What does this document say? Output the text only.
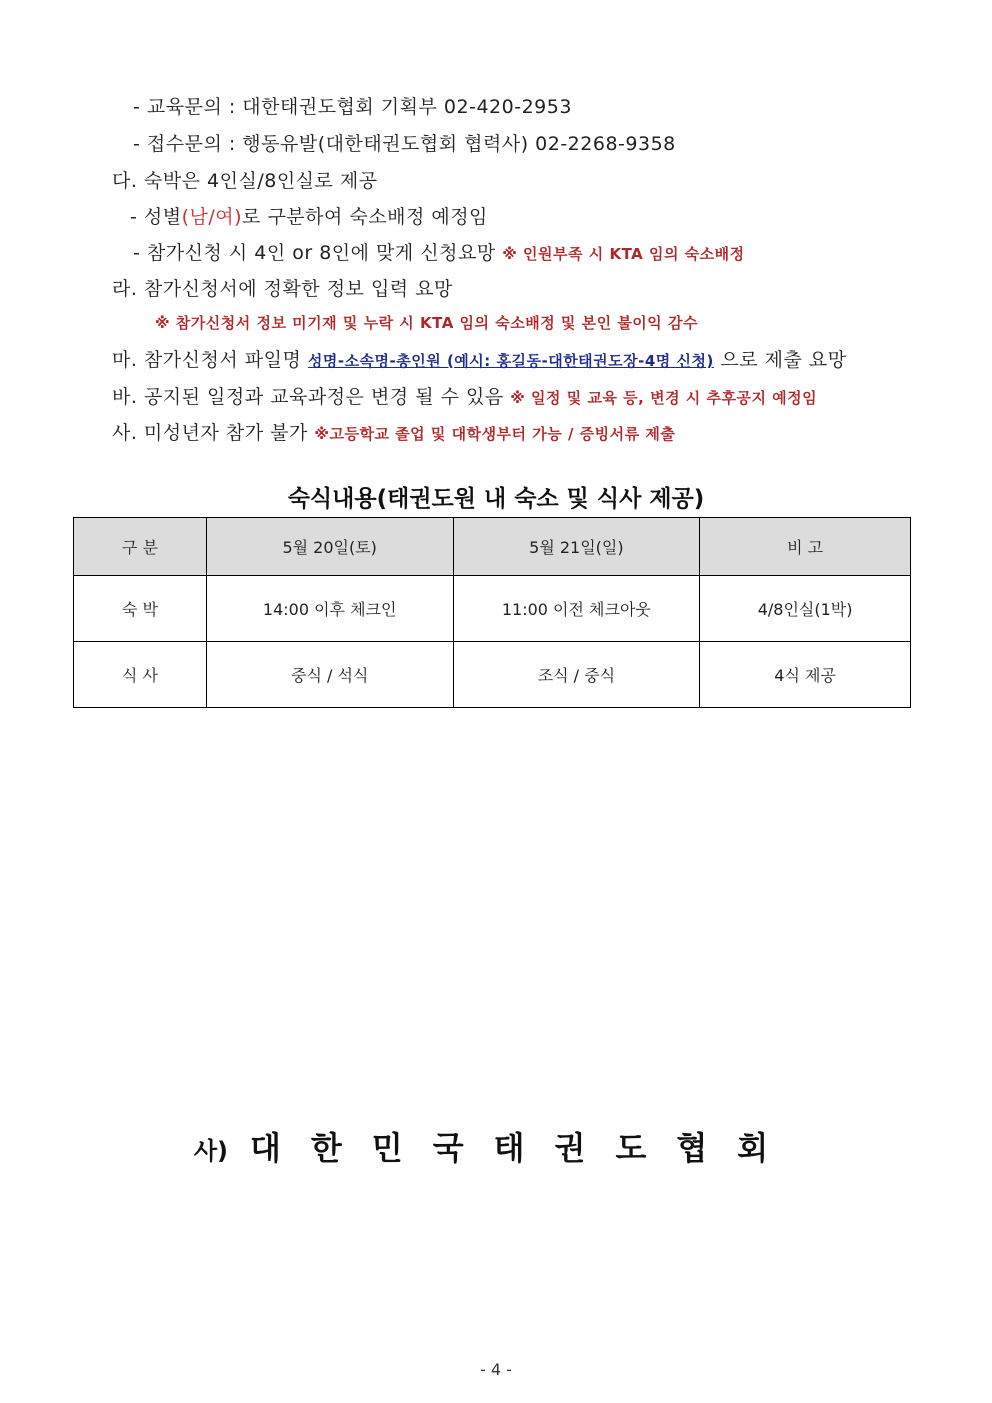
- 교육문의 : 대한태권도협회 기획부 02-420-2953
- 접수문의 : 행동유발(대한태권도협회 협력사) 02-2268-9358
다. 숙박은 4인실/8인실로 제공
- 성별(남/여)로 구분하여 숙소배정 예정임
- 참가신청 시 4인 or 8인에 맞게 신청요망 ※ 인원부족 시 KTA 임의 숙소배정
라. 참가신청서에 정확한 정보 입력 요망
※ 참가신청서 정보 미기재 및 누락 시 KTA 임의 숙소배정 및 본인 불이익 감수
마. 참가신청서 파일명 성명-소속명-총인원 (예시: 홍길동-대한태권도장-4명 신청) 으로 제출 요망
바. 공지된 일정과 교육과정은 변경 될 수 있음 ※ 일정 및 교육 등, 변경 시 추후공지 예정임
사. 미성년자 참가 불가 ※고등학교 졸업 및 대학생부터 가능 / 증빙서류 제출
숙식내용(태권도원 내 숙소 및 식사 제공)
구 분	5월 20일(토)	5월 21일(일)	비 고
숙 박	14:00 이후 체크인	11:00 이전 체크아웃	4/8인실(1박)
식 사	중식 / 석식	조식 / 중식	4식 제공
사) 대한민국태권도협회
- 4 -
